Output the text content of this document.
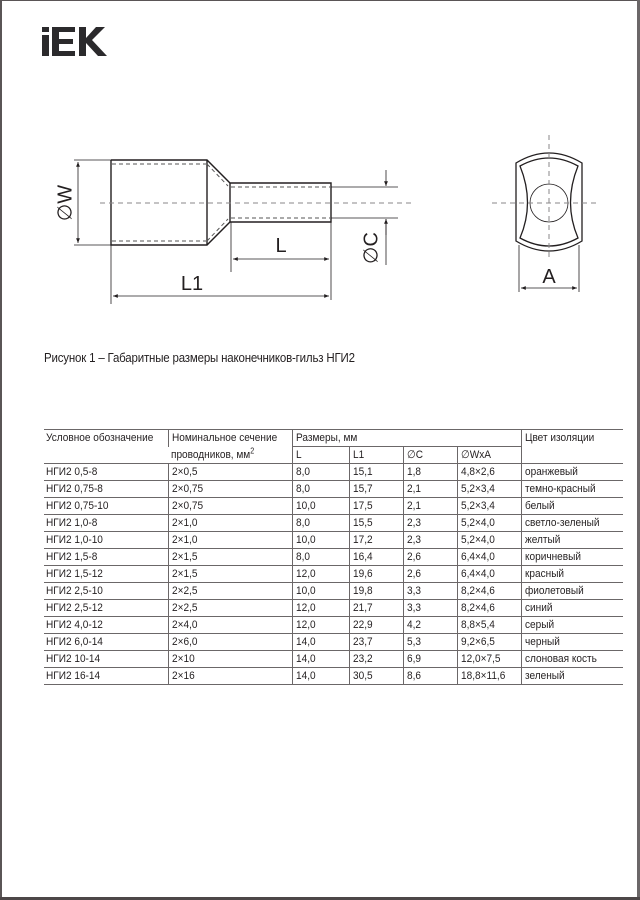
∅W
L
L1
∅C
A
Рисунок 1 – Габаритные размеры наконечников-гильз НГИ2
Условное обозначение	Номинальное сечение	Размеры, мм				Цвет изоляции
	проводников, $мм^2$	L	L1	∅C	∅WxA	
НГИ2 0,5-8	2×0,5	8,0	15,1	1,8	4,8×2,6	оранжевый
НГИ2 0,75-8	2×0,75	8,0	15,7	2,1	5,2×3,4	темно-красный
НГИ2 0,75-10	2×0,75	10,0	17,5	2,1	5,2×3,4	белый
НГИ2 1,0-8	2×1,0	8,0	15,5	2,3	5,2×4,0	светло-зеленый
НГИ2 1,0-10	2×1,0	10,0	17,2	2,3	5,2×4,0	желтый
НГИ2 1,5-8	2×1,5	8,0	16,4	2,6	6,4×4,0	коричневый
НГИ2 1,5-12	2×1,5	12,0	19,6	2,6	6,4×4,0	красный
НГИ2 2,5-10	2×2,5	10,0	19,8	3,3	8,2×4,6	фиолетовый
НГИ2 2,5-12	2×2,5	12,0	21,7	3,3	8,2×4,6	синий
НГИ2 4,0-12	2×4,0	12,0	22,9	4,2	8,8×5,4	серый
НГИ2 6,0-14	2×6,0	14,0	23,7	5,3	9,2×6,5	черный
НГИ2 10-14	2×10	14,0	23,2	6,9	12,0×7,5	слоновая кость
НГИ2 16-14	2×16	14,0	30,5	8,6	18,8×11,6	зеленый
